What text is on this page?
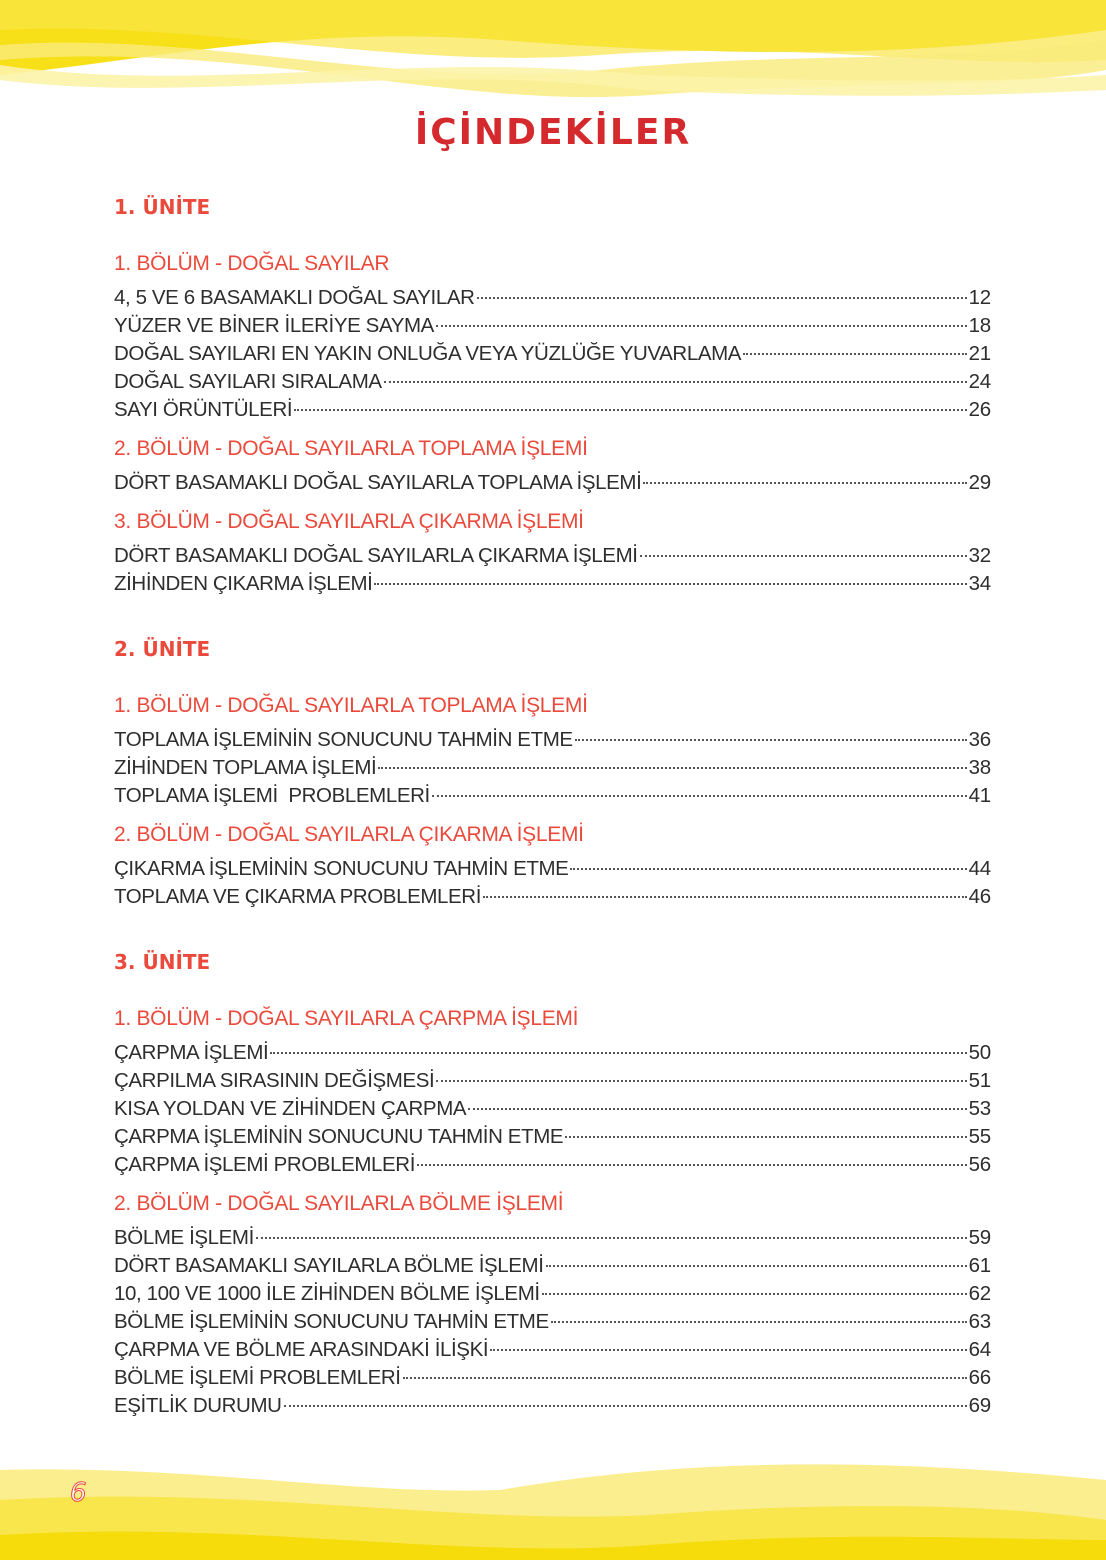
İÇİNDEKİLER
1. ÜNİTE
1. BÖLÜM - DOĞAL SAYILAR
4, 5 VE 6 BASAMAKLI DOĞAL SAYILAR	12
YÜZER VE BİNER İLERİYE SAYMA	18
DOĞAL SAYILARI EN YAKIN ONLUĞA VEYA YÜZLÜĞE YUVARLAMA	21
DOĞAL SAYILARI SIRALAMA	24
SAYI ÖRÜNTÜLERİ	26
2. BÖLÜM - DOĞAL SAYILARLA TOPLAMA İŞLEMİ
DÖRT BASAMAKLI DOĞAL SAYILARLA TOPLAMA İŞLEMİ	29
3. BÖLÜM - DOĞAL SAYILARLA ÇIKARMA İŞLEMİ
DÖRT BASAMAKLI DOĞAL SAYILARLA ÇIKARMA İŞLEMİ	32
ZİHİNDEN ÇIKARMA İŞLEMİ	34
2. ÜNİTE
1. BÖLÜM - DOĞAL SAYILARLA TOPLAMA İŞLEMİ
TOPLAMA İŞLEMİNİN SONUCUNU TAHMİN ETME	36
ZİHİNDEN TOPLAMA İŞLEMİ	38
TOPLAMA İŞLEMİ  PROBLEMLERİ	41
2. BÖLÜM - DOĞAL SAYILARLA ÇIKARMA İŞLEMİ
ÇIKARMA İŞLEMİNİN SONUCUNU TAHMİN ETME	44
TOPLAMA VE ÇIKARMA PROBLEMLERİ	46
3. ÜNİTE
1. BÖLÜM - DOĞAL SAYILARLA ÇARPMA İŞLEMİ
ÇARPMA İŞLEMİ	50
ÇARPILMA SIRASININ DEĞİŞMESİ	51
KISA YOLDAN VE ZİHİNDEN ÇARPMA	53
ÇARPMA İŞLEMİNİN SONUCUNU TAHMİN ETME	55
ÇARPMA İŞLEMİ PROBLEMLERİ	56
2. BÖLÜM - DOĞAL SAYILARLA BÖLME İŞLEMİ
BÖLME İŞLEMİ	59
DÖRT BASAMAKLI SAYILARLA BÖLME İŞLEMİ	61
10, 100 VE 1000 İLE ZİHİNDEN BÖLME İŞLEMİ	62
BÖLME İŞLEMİNİN SONUCUNU TAHMİN ETME	63
ÇARPMA VE BÖLME ARASINDAKİ İLİŞKİ	64
BÖLME İŞLEMİ PROBLEMLERİ	66
EŞİTLİK DURUMU	69
6
